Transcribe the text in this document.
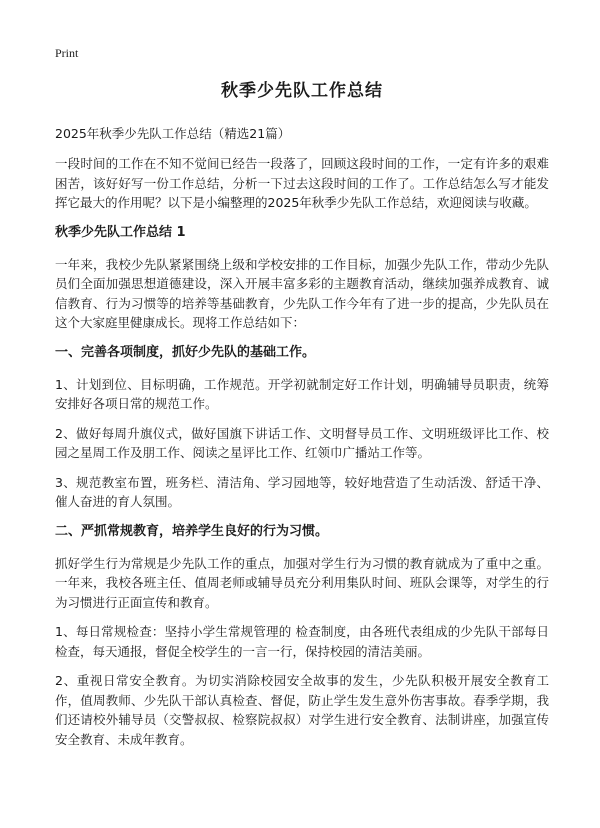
Print
秋季少先队工作总结
2025年秋季少先队工作总结（精选21篇）

一段时间的工作在不知不觉间已经告一段落了，回顾这段时间的工作，一定有许多的艰难困苦，该好好写一份工作总结，分析一下过去这段时间的工作了。工作总结怎么写才能发挥它最大的作用呢？以下是小编整理的2025年秋季少先队工作总结，欢迎阅读与收藏。

秋季少先队工作总结 1

一年来，我校少先队紧紧围绕上级和学校安排的工作目标，加强少先队工作，带动少先队员们全面加强思想道德建设，深入开展丰富多彩的主题教育活动，继续加强养成教育、诚信教育、行为习惯等的培养等基础教育，少先队工作今年有了进一步的提高，少先队员在这个大家庭里健康成长。现将工作总结如下：

一、完善各项制度，抓好少先队的基础工作。

1、计划到位、目标明确，工作规范。开学初就制定好工作计划，明确辅导员职责，统筹安排好各项日常的规范工作。

2、做好每周升旗仪式，做好国旗下讲话工作、文明督导员工作、文明班级评比工作、校园之星周工作及朋工作、阅读之星评比工作、红领巾广播站工作等。

3、规范教室布置，班务栏、清洁角、学习园地等，较好地营造了生动活泼、舒适干净、催人奋进的育人氛围。

二、严抓常规教育，培养学生良好的行为习惯。

抓好学生行为常规是少先队工作的重点，加强对学生行为习惯的教育就成为了重中之重。一年来，我校各班主任、值周老师或辅导员充分利用集队时间、班队会课等，对学生的行为习惯进行正面宣传和教育。

1、每日常规检查：坚持小学生常规管理的 检查制度，由各班代表组成的少先队干部每日检查，每天通报，督促全校学生的一言一行，保持校园的清洁美丽。

2、重视日常安全教育。为切实消除校园安全故事的发生，少先队积极开展安全教育工作，值周教师、少先队干部认真检查、督促，防止学生发生意外伤害事故。春季学期，我们还请校外辅导员（交警叔叔、检察院叔叔）对学生进行安全教育、法制讲座，加强宣传安全教育、未成年教育。
